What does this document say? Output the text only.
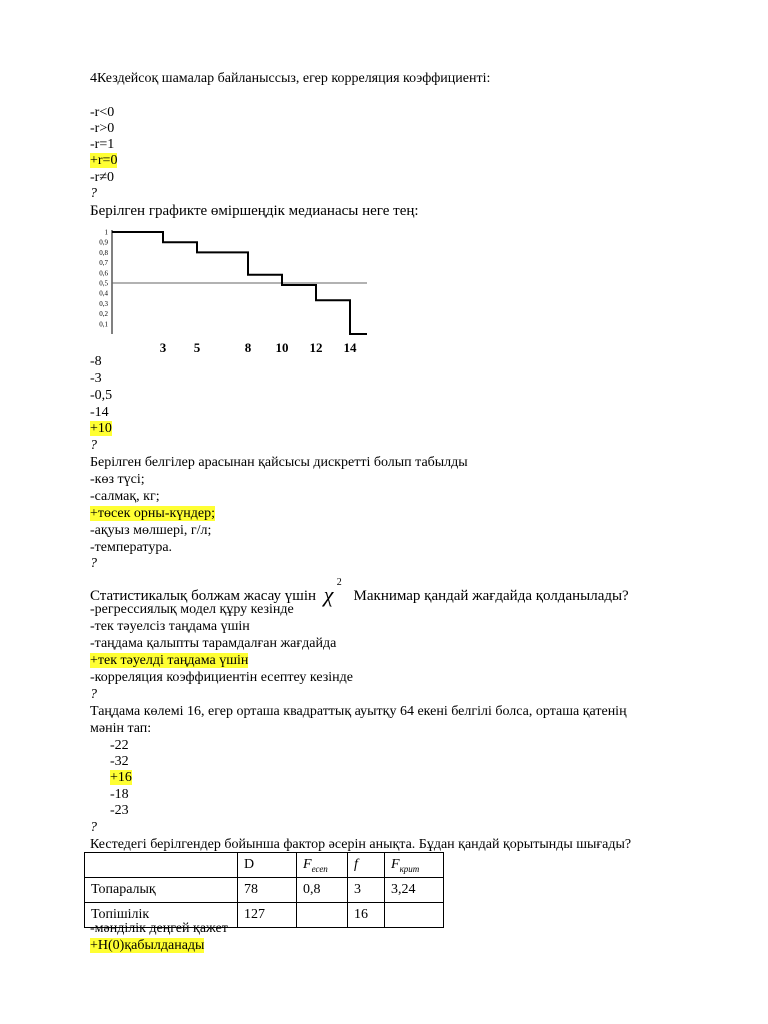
4Кездейсоқ шамалар байланыссыз, егер корреляция коэффициенті:
-r<0
-r>0
-r=1
+r=0
-r≠0
?
Берілген графикте өміршеңдік медианасы неге тең:
0,1
0,2
0,3
0,4
0,5
0,6
0,7
0,8
0,9
1
3 5	8 10 12 14
-8
-3
-0,5
-14
+10
?
Берілген белгілер арасынан қайсысы дискретті болып табылды
-көз түсі;
-салмақ, кг;
+төсек орны-күндер;
-ақуыз мөлшері, г/л;
-температура.
?
Статистикалық болжам жасау үшін χ 2
Макнимар қандай жағдайда қолданылады?
-регрессиялық модел құру кезінде
-тек тәуелсіз таңдама үшін
-таңдама қалыпты тарамдалған жағдайда
+тек тәуелді таңдама үшін
-корреляция коэффициентін есептеу кезінде
?
Таңдама көлемі 16, егер орташа квадраттық ауытқу 64 екені белгілі болса, орташа қатенің
мәнін тап:
-22
-32
+16
-18
-23
?
Кестедегі берілгендер бойынша фактор әсерін анықта. Бұдан қандай қорытынды шығады?
	D	$F_{есеп}$	f	$F_{крит}$
Топаралық	78	0,8	3	3,24
Топішілік	127		16	
-мәнділік деңгей қажет
+Н(0)қабылданады
